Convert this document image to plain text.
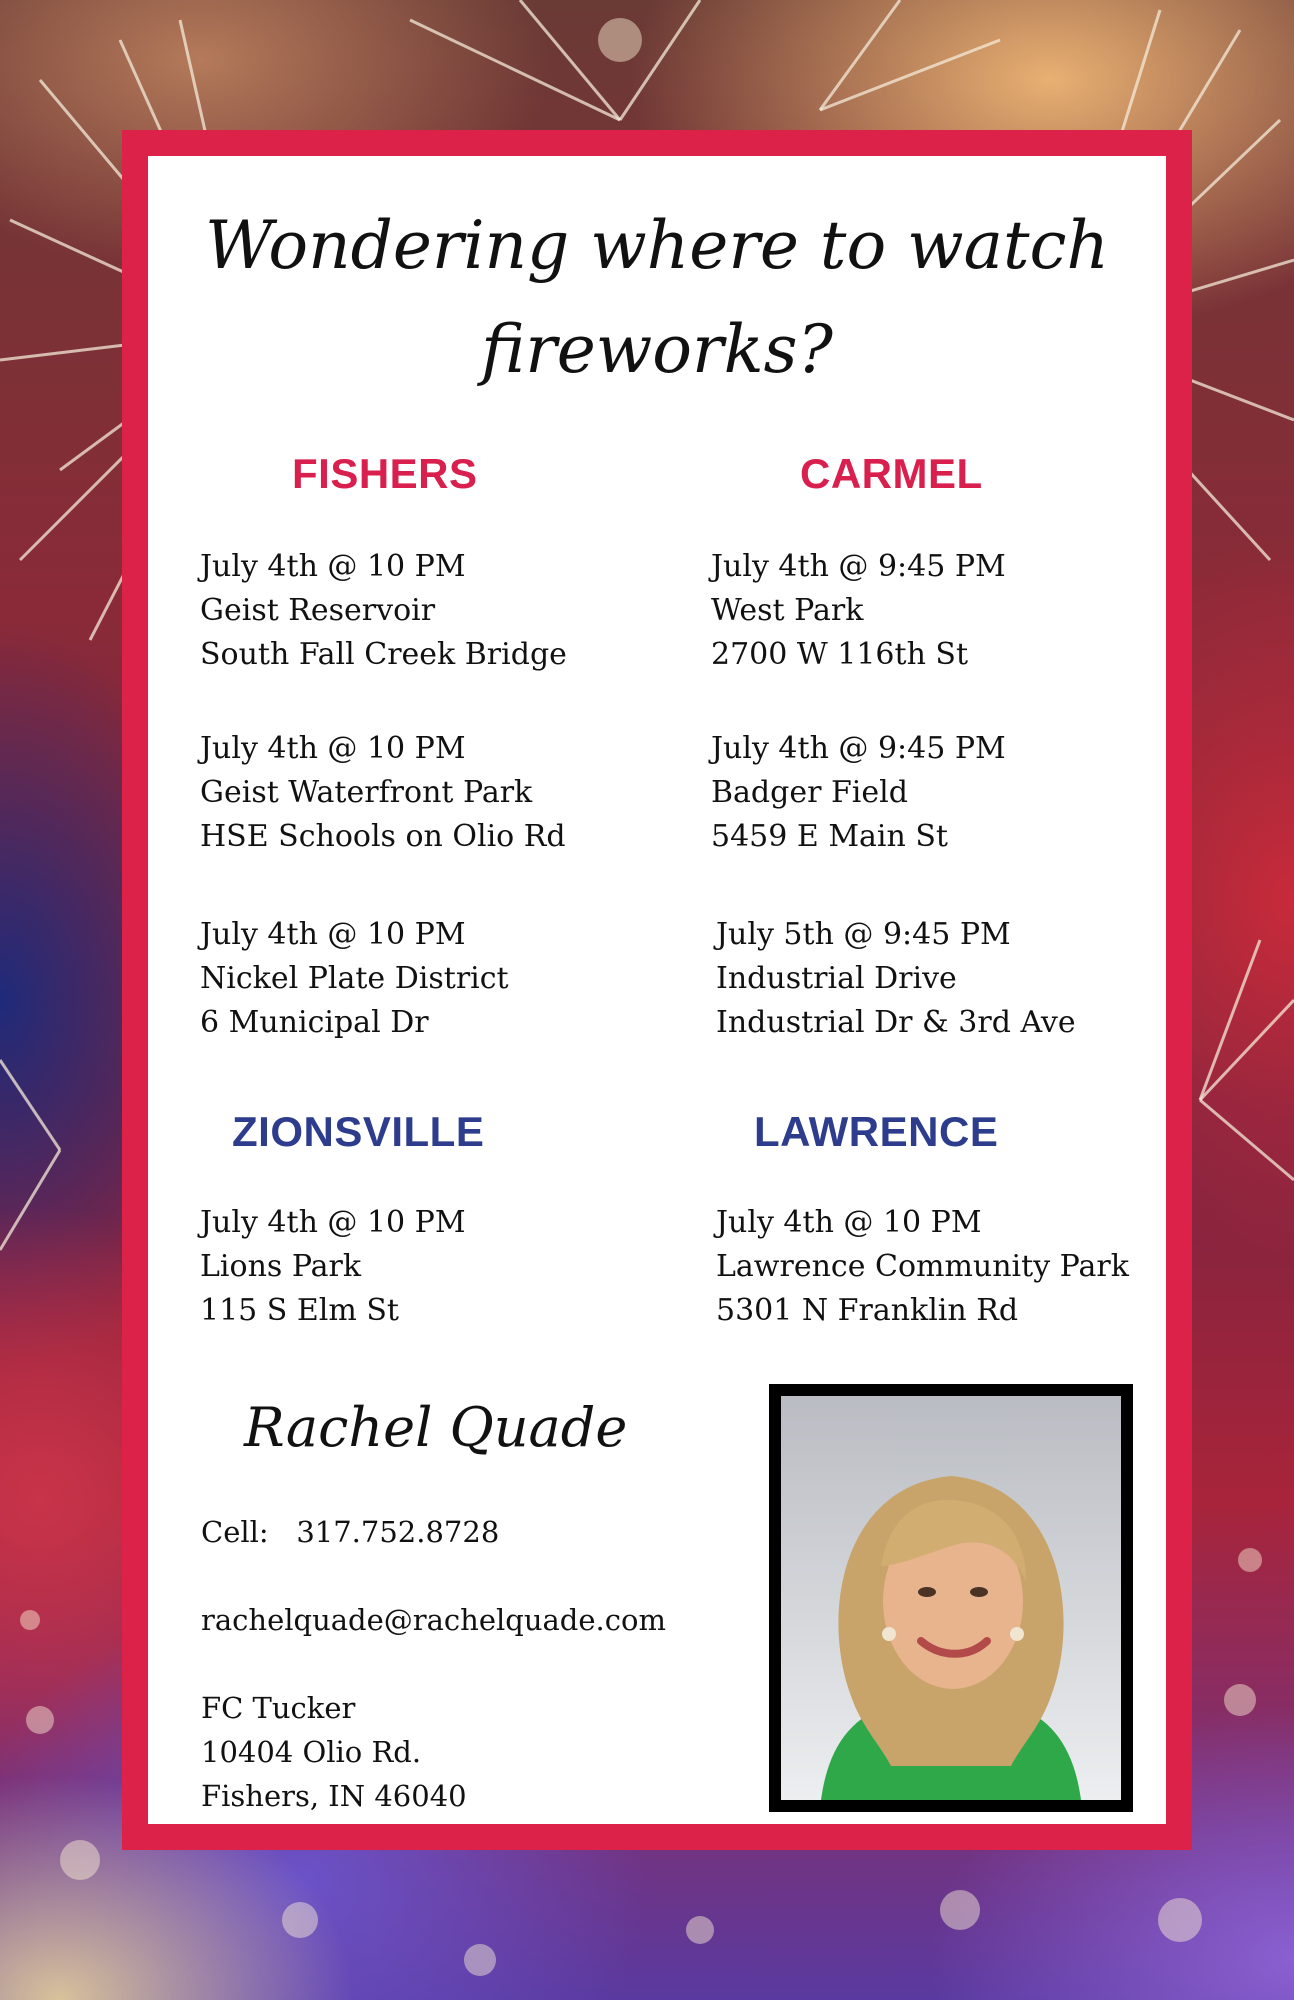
Wondering where to watch
fireworks?
FISHERS
July 4th @ 10 PM
Geist Reservoir
South Fall Creek Bridge
July 4th @ 10 PM
Geist Waterfront Park
HSE Schools on Olio Rd
July 4th @ 10 PM
Nickel Plate District
6 Municipal Dr
CARMEL
July 4th @ 9:45 PM
West Park
2700 W 116th St
July 4th @ 9:45 PM
Badger Field
5459 E Main St
July 5th @ 9:45 PM
Industrial Drive
Industrial Dr & 3rd Ave
ZIONSVILLE
July 4th @ 10 PM
Lions Park
115 S Elm St
LAWRENCE
July 4th @ 10 PM
Lawrence Community Park
5301 N Franklin Rd
Rachel Quade
Cell: 317.752.8728
rachelquade@rachelquade.com
FC Tucker
10404 Olio Rd.
Fishers, IN 46040
